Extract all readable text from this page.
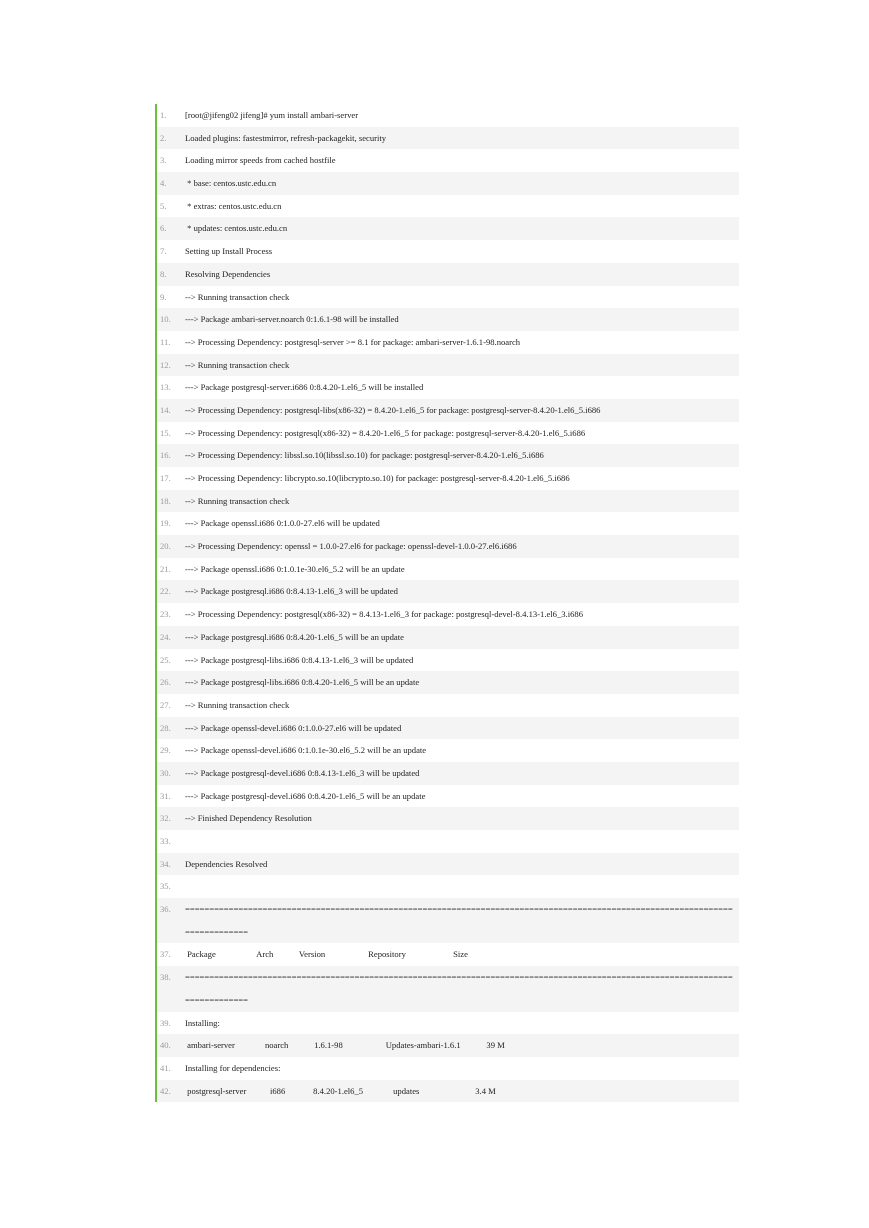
1. [root@jifeng02 jifeng]# yum install ambari-server
2. Loaded plugins: fastestmirror, refresh-packagekit, security
3. Loading mirror speeds from cached hostfile
4. * base: centos.ustc.edu.cn
5. * extras: centos.ustc.edu.cn
6. * updates: centos.ustc.edu.cn
7. Setting up Install Process
8. Resolving Dependencies
9. --> Running transaction check
10. ---> Package ambari-server.noarch 0:1.6.1-98 will be installed
11. --> Processing Dependency: postgresql-server >= 8.1 for package: ambari-server-1.6.1-98.noarch
12. --> Running transaction check
13. ---> Package postgresql-server.i686 0:8.4.20-1.el6_5 will be installed
14. --> Processing Dependency: postgresql-libs(x86-32) = 8.4.20-1.el6_5 for package: postgresql-server-8.4.20-1.el6_5.i686
15. --> Processing Dependency: postgresql(x86-32) = 8.4.20-1.el6_5 for package: postgresql-server-8.4.20-1.el6_5.i686
16. --> Processing Dependency: libssl.so.10(libssl.so.10) for package: postgresql-server-8.4.20-1.el6_5.i686
17. --> Processing Dependency: libcrypto.so.10(libcrypto.so.10) for package: postgresql-server-8.4.20-1.el6_5.i686
18. --> Running transaction check
19. ---> Package openssl.i686 0:1.0.0-27.el6 will be updated
20. --> Processing Dependency: openssl = 1.0.0-27.el6 for package: openssl-devel-1.0.0-27.el6.i686
21. ---> Package openssl.i686 0:1.0.1e-30.el6_5.2 will be an update
22. ---> Package postgresql.i686 0:8.4.13-1.el6_3 will be updated
23. --> Processing Dependency: postgresql(x86-32) = 8.4.13-1.el6_3 for package: postgresql-devel-8.4.13-1.el6_3.i686
24. ---> Package postgresql.i686 0:8.4.20-1.el6_5 will be an update
25. ---> Package postgresql-libs.i686 0:8.4.13-1.el6_3 will be updated
26. ---> Package postgresql-libs.i686 0:8.4.20-1.el6_5 will be an update
27. --> Running transaction check
28. ---> Package openssl-devel.i686 0:1.0.0-27.el6 will be updated
29. ---> Package openssl-devel.i686 0:1.0.1e-30.el6_5.2 will be an update
30. ---> Package postgresql-devel.i686 0:8.4.13-1.el6_3 will be updated
31. ---> Package postgresql-devel.i686 0:8.4.20-1.el6_5 will be an update
32. --> Finished Dependency Resolution
33.
34. Dependencies Resolved
35.
36. ==============================================================================================================================
37. Package                   Arch            Version                    Repository                      Size
38. ==============================================================================================================================
39. Installing:
40. ambari-server              noarch            1.6.1-98                    Updates-ambari-1.6.1            39 M
41. Installing for dependencies:
42. postgresql-server           i686             8.4.20-1.el6_5              updates                          3.4 M
